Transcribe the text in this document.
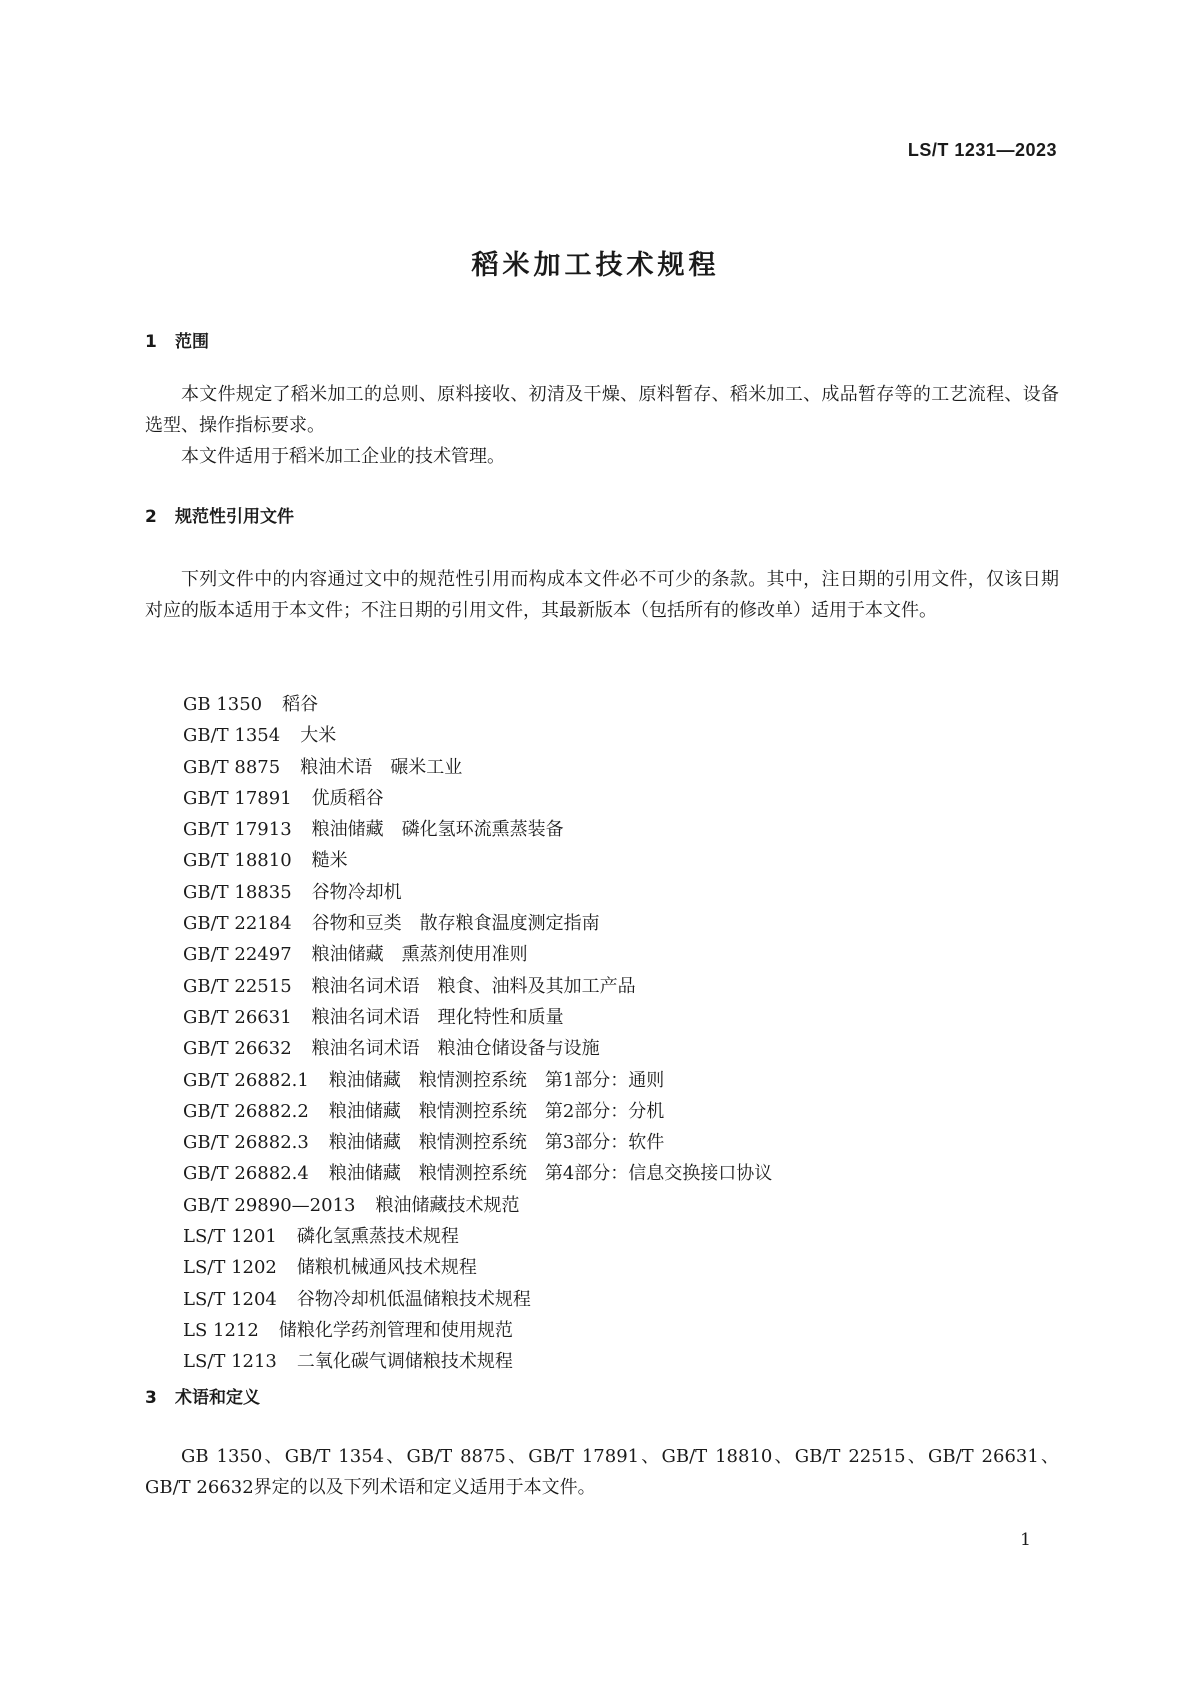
LS/T 1231—2023
稻米加工技术规程
1 范围

本文件规定了稻米加工的总则、原料接收、初清及干燥、原料暂存、稻米加工、成品暂存等的工艺流程、设备选型、操作指标要求。

本文件适用于稻米加工企业的技术管理。

2 规范性引用文件

下列文件中的内容通过文中的规范性引用而构成本文件必不可少的条款。其中，注日期的引用文件，仅该日期对应的版本适用于本文件；不注日期的引用文件，其最新版本（包括所有的修改单）适用于本文件。

GB 1350 稻谷
GB/T 1354 大米
GB/T 8875 粮油术语　碾米工业
GB/T 17891 优质稻谷
GB/T 17913 粮油储藏　磷化氢环流熏蒸装备
GB/T 18810 糙米
GB/T 18835 谷物冷却机
GB/T 22184 谷物和豆类　散存粮食温度测定指南
GB/T 22497 粮油储藏　熏蒸剂使用准则
GB/T 22515 粮油名词术语　粮食、油料及其加工产品
GB/T 26631 粮油名词术语　理化特性和质量
GB/T 26632 粮油名词术语　粮油仓储设备与设施
GB/T 26882.1 粮油储藏　粮情测控系统　第1部分：通则
GB/T 26882.2 粮油储藏　粮情测控系统　第2部分：分机
GB/T 26882.3 粮油储藏　粮情测控系统　第3部分：软件
GB/T 26882.4 粮油储藏　粮情测控系统　第4部分：信息交换接口协议
GB/T 29890—2013 粮油储藏技术规范
LS/T 1201 磷化氢熏蒸技术规程
LS/T 1202 储粮机械通风技术规程
LS/T 1204 谷物冷却机低温储粮技术规程
LS 1212 储粮化学药剂管理和使用规范
LS/T 1213 二氧化碳气调储粮技术规程
3 术语和定义

GB 1350、GB/T 1354、GB/T 8875、GB/T 17891、GB/T 18810、GB/T 22515、GB/T 26631、GB/T 26632界定的以及下列术语和定义适用于本文件。

1
